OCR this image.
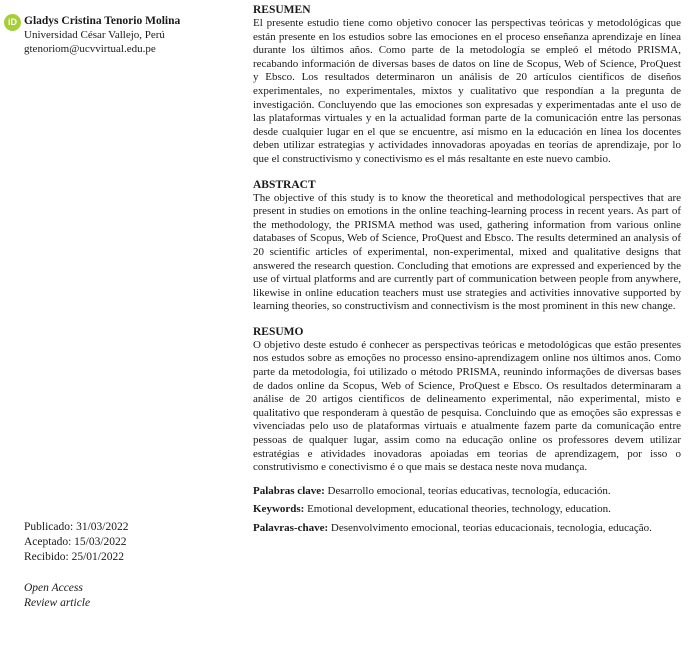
iD Gladys Cristina Tenorio Molina
Universidad César Vallejo, Perú
gtenoriom@ucvvirtual.edu.pe
Publicado: 31/03/2022
Aceptado: 15/03/2022
Recibido: 25/01/2022
Open Access
Review article
RESUMEN

El presente estudio tiene como objetivo conocer las perspectivas teóricas y metodológicas que están presente en los estudios sobre las emociones en el proceso enseñanza aprendizaje en línea durante los últimos años. Como parte de la metodología se empleó el método PRISMA, recabando información de diversas bases de datos on line de Scopus, Web of Science, ProQuest y Ebsco. Los resultados determinaron un análisis de 20 artículos científicos de diseños experimentales, no experimentales, mixtos y cualitativo que respondían a la pregunta de investigación. Concluyendo que las emociones son expresadas y experimentadas ante el uso de las plataformas virtuales y en la actualidad forman parte de la comunicación entre las personas desde cualquier lugar en el que se encuentre, así mismo en la educación en línea los docentes deben utilizar estrategias y actividades innovadoras apoyadas en teorías de aprendizaje, por lo que el constructivismo y conectivismo es el más resaltante en este nuevo cambio.

ABSTRACT

The objective of this study is to know the theoretical and methodological perspectives that are present in studies on emotions in the online teaching-learning process in recent years. As part of the methodology, the PRISMA method was used, gathering information from various online databases of Scopus, Web of Science, ProQuest and Ebsco. The results determined an analysis of 20 scientific articles of experimental, non-experimental, mixed and qualitative designs that answered the research question. Concluding that emotions are expressed and experienced by the use of virtual platforms and are currently part of communication between people from anywhere, likewise in online education teachers must use strategies and activities innovative supported by learning theories, so constructivism and connectivism is the most prominent in this new change.

RESUMO

O objetivo deste estudo é conhecer as perspectivas teóricas e metodológicas que estão presentes nos estudos sobre as emoções no processo ensino-aprendizagem online nos últimos anos. Como parte da metodologia, foi utilizado o método PRISMA, reunindo informações de diversas bases de dados online da Scopus, Web of Science, ProQuest e Ebsco. Os resultados determinaram a análise de 20 artigos científicos de delineamento experimental, não experimental, misto e qualitativo que responderam à questão de pesquisa. Concluindo que as emoções são expressas e vivenciadas pelo uso de plataformas virtuais e atualmente fazem parte da comunicação entre pessoas de qualquer lugar, assim como na educação online os professores devem utilizar estratégias e atividades inovadoras apoiadas em teorias de aprendizagem, por isso o construtivismo e conectivismo é o que mais se destaca neste nova mudança.

Palabras clave: Desarrollo emocional, teorías educativas, tecnología, educación.
Keywords: Emotional development, educational theories, technology, education.
Palavras-chave: Desenvolvimento emocional, teorias educacionais, tecnologia, educação.
